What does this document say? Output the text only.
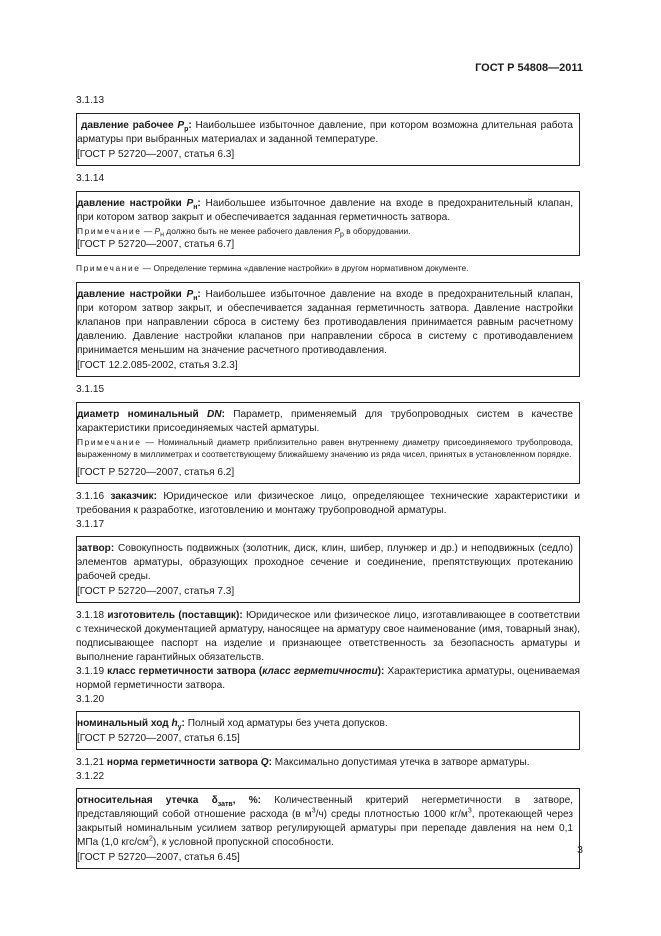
ГОСТ Р 54808—2011
3.1.13

давление рабочее $P_р$: Наибольшее избыточное давление, при котором возможна длительная работа арматуры при выбранных материалах и заданной температуре.

[ГОСТ Р 52720—2007, статья 6.3]

3.1.14

давление настройки $P_н$: Наибольшее избыточное давление на входе в предохранительный клапан, при котором затвор закрыт и обеспечивается заданная герметичность затвора.

Примечание — $P_н$ должно быть не менее рабочего давления $P_р$ в оборудовании.

[ГОСТ Р 52720—2007, статья 6.7]

Примечание — Определение термина «давление настройки» в другом нормативном документе.

давление настройки $P_н$: Наибольшее избыточное давление на входе в предохранительный клапан, при котором затвор закрыт, и обеспечивается заданная герметичность затвора. Давление настройки клапанов при направлении сброса в систему без противодавления принимается равным расчетному давлению. Давление настройки клапанов при направлении сброса в систему с противодавлением принимается меньшим на значение расчетного противодавления.

[ГОСТ 12.2.085-2002, статья 3.2.3]

3.1.15

диаметр номинальный DN: Параметр, применяемый для трубопроводных систем в качестве характеристики присоединяемых частей арматуры.

Примечание — Номинальный диаметр приблизительно равен внутреннему диаметру присоединяемого трубопровода, выраженному в миллиметрах и соответствующему ближайшему значению из ряда чисел, принятых в установленном порядке.

[ГОСТ Р 52720—2007, статья 6.2]

3.1.16 заказчик: Юридическое или физическое лицо, определяющее технические характеристики и требования к разработке, изготовлению и монтажу трубопроводной арматуры.

3.1.17

затвор: Совокупность подвижных (золотник, диск, клин, шибер, плунжер и др.) и неподвижных (седло) элементов арматуры, образующих проходное сечение и соединение, препятствующих протеканию рабочей среды.

[ГОСТ Р 52720—2007, статья 7.3]

3.1.18 изготовитель (поставщик): Юридическое или физическое лицо, изготавливающее в соответствии с технической документацией арматуру, наносящее на арматуру свое наименование (имя, товарный знак), подписывающее паспорт на изделие и признающее ответственность за безопасность арматуры и выполнение гарантийных обязательств.

3.1.19 класс герметичности затвора (класс герметичности): Характеристика арматуры, оцениваемая нормой герметичности затвора.

3.1.20

номинальный ход $h_у$: Полный ход арматуры без учета допусков.

[ГОСТ Р 52720—2007, статья 6.15]

3.1.21 норма герметичности затвора Q: Максимально допустимая утечка в затворе арматуры.

3.1.22

относительная утечка $\delta_{затв}$, %: Количественный критерий негерметичности в затворе, представляющий собой отношение расхода (в $м^3/ч$) среды плотностью 1000 $кг/м^3$, протекающей через закрытый номинальным усилием затвор регулирующей арматуры при перепаде давления на нем 0,1 МПа (1,0 кгс/$см^2$), к условной пропускной способности.

[ГОСТ Р 52720—2007, статья 6.45]

3
